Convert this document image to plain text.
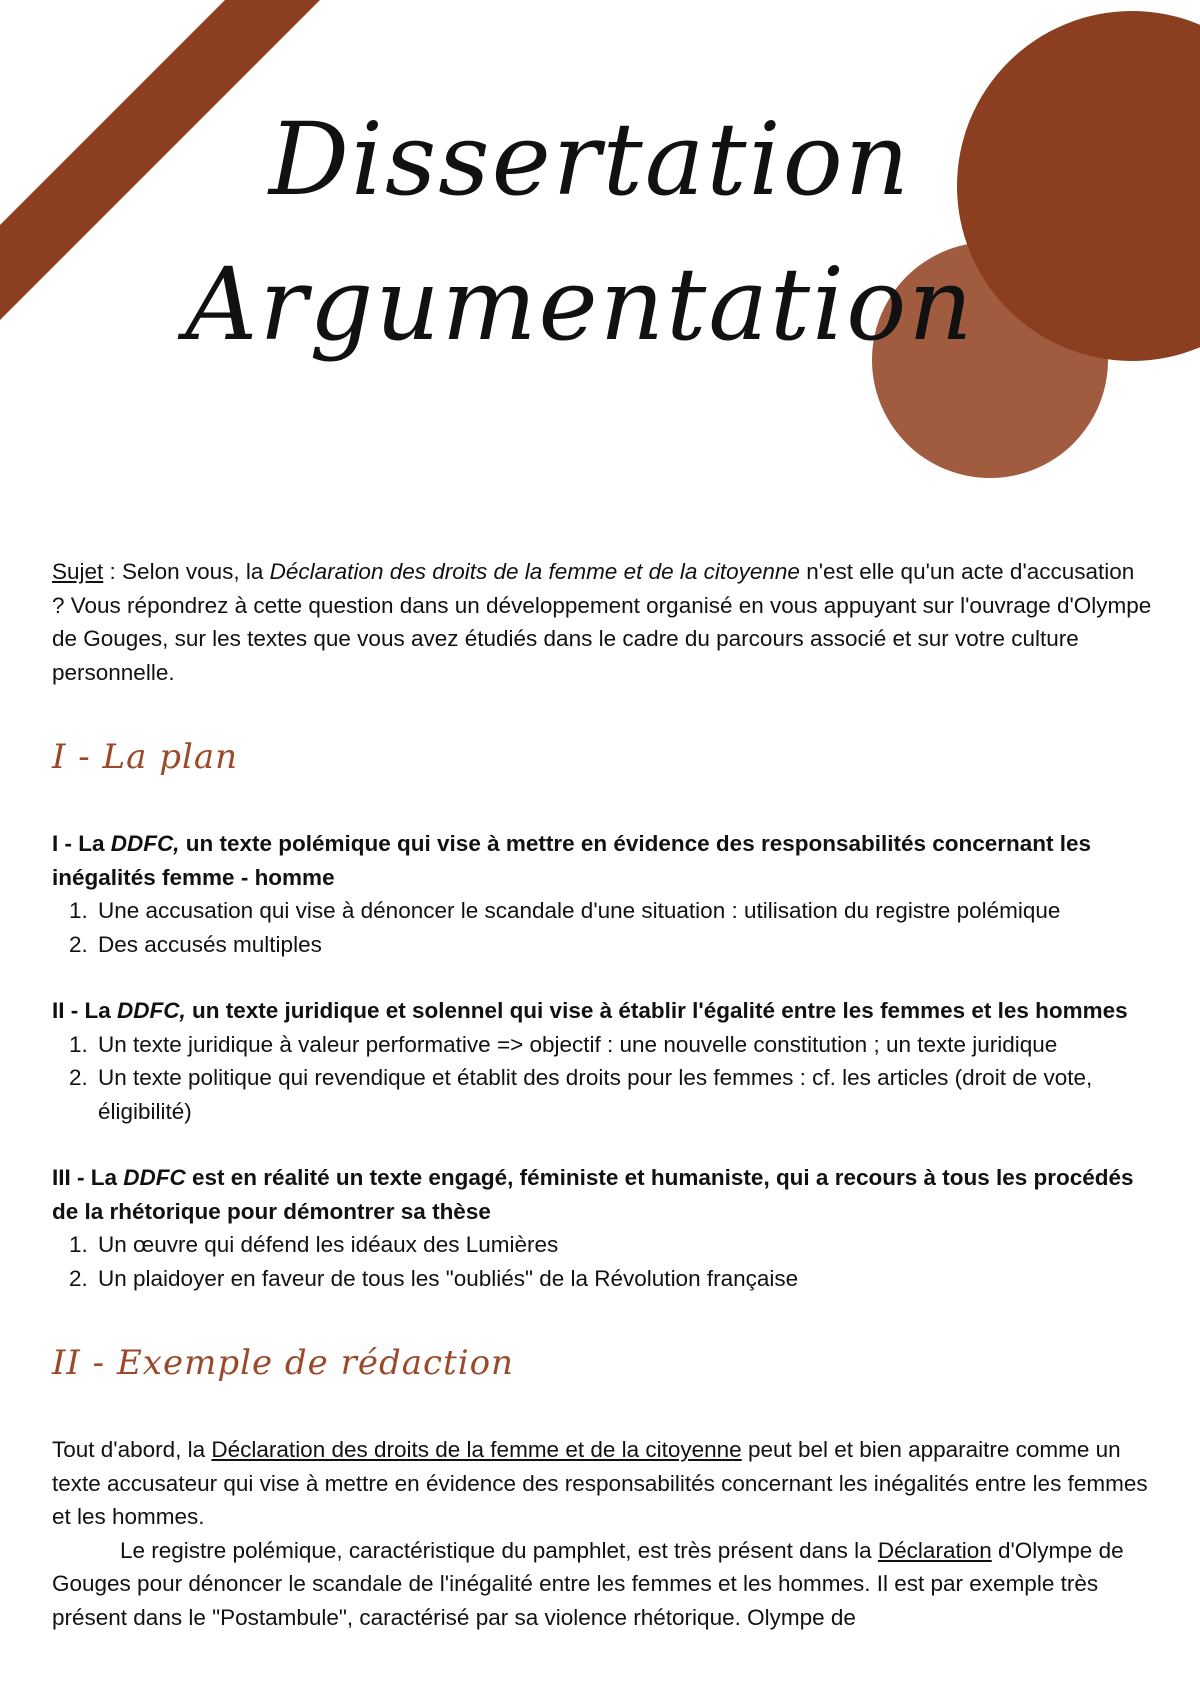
Dissertation
Argumentation

Sujet : Selon vous, la Déclaration des droits de la femme et de la citoyenne n'est elle qu'un acte d'accusation ? Vous répondrez à cette question dans un développement organisé en vous appuyant sur l'ouvrage d'Olympe de Gouges, sur les textes que vous avez étudiés dans le cadre du parcours associé et sur votre culture personnelle.

I - La plan

I - La DDFC, un texte polémique qui vise à mettre en évidence des responsabilités concernant les inégalités femme - homme

1. Une accusation qui vise à dénoncer le scandale d'une situation : utilisation du registre polémique
2. Des accusés multiples

II - La DDFC, un texte juridique et solennel qui vise à établir l'égalité entre les femmes et les hommes

1. Un texte juridique à valeur performative => objectif : une nouvelle constitution ; un texte juridique
2. Un texte politique qui revendique et établit des droits pour les femmes : cf. les articles (droit de vote, éligibilité)

III - La DDFC est en réalité un texte engagé, féministe et humaniste, qui a recours à tous les procédés de la rhétorique pour démontrer sa thèse

1. Un œuvre qui défend les idéaux des Lumières
2. Un plaidoyer en faveur de tous les "oubliés" de la Révolution française
II - Exemple de rédaction

Tout d'abord, la Déclaration des droits de la femme et de la citoyenne peut bel et bien apparaitre comme un texte accusateur qui vise à mettre en évidence des responsabilités concernant les inégalités entre les femmes et les hommes.

Le registre polémique, caractéristique du pamphlet, est très présent dans la Déclaration d'Olympe de Gouges pour dénoncer le scandale de l'inégalité entre les femmes et les hommes. Il est par exemple très présent dans le "Postambule", caractérisé par sa violence rhétorique. Olympe de
